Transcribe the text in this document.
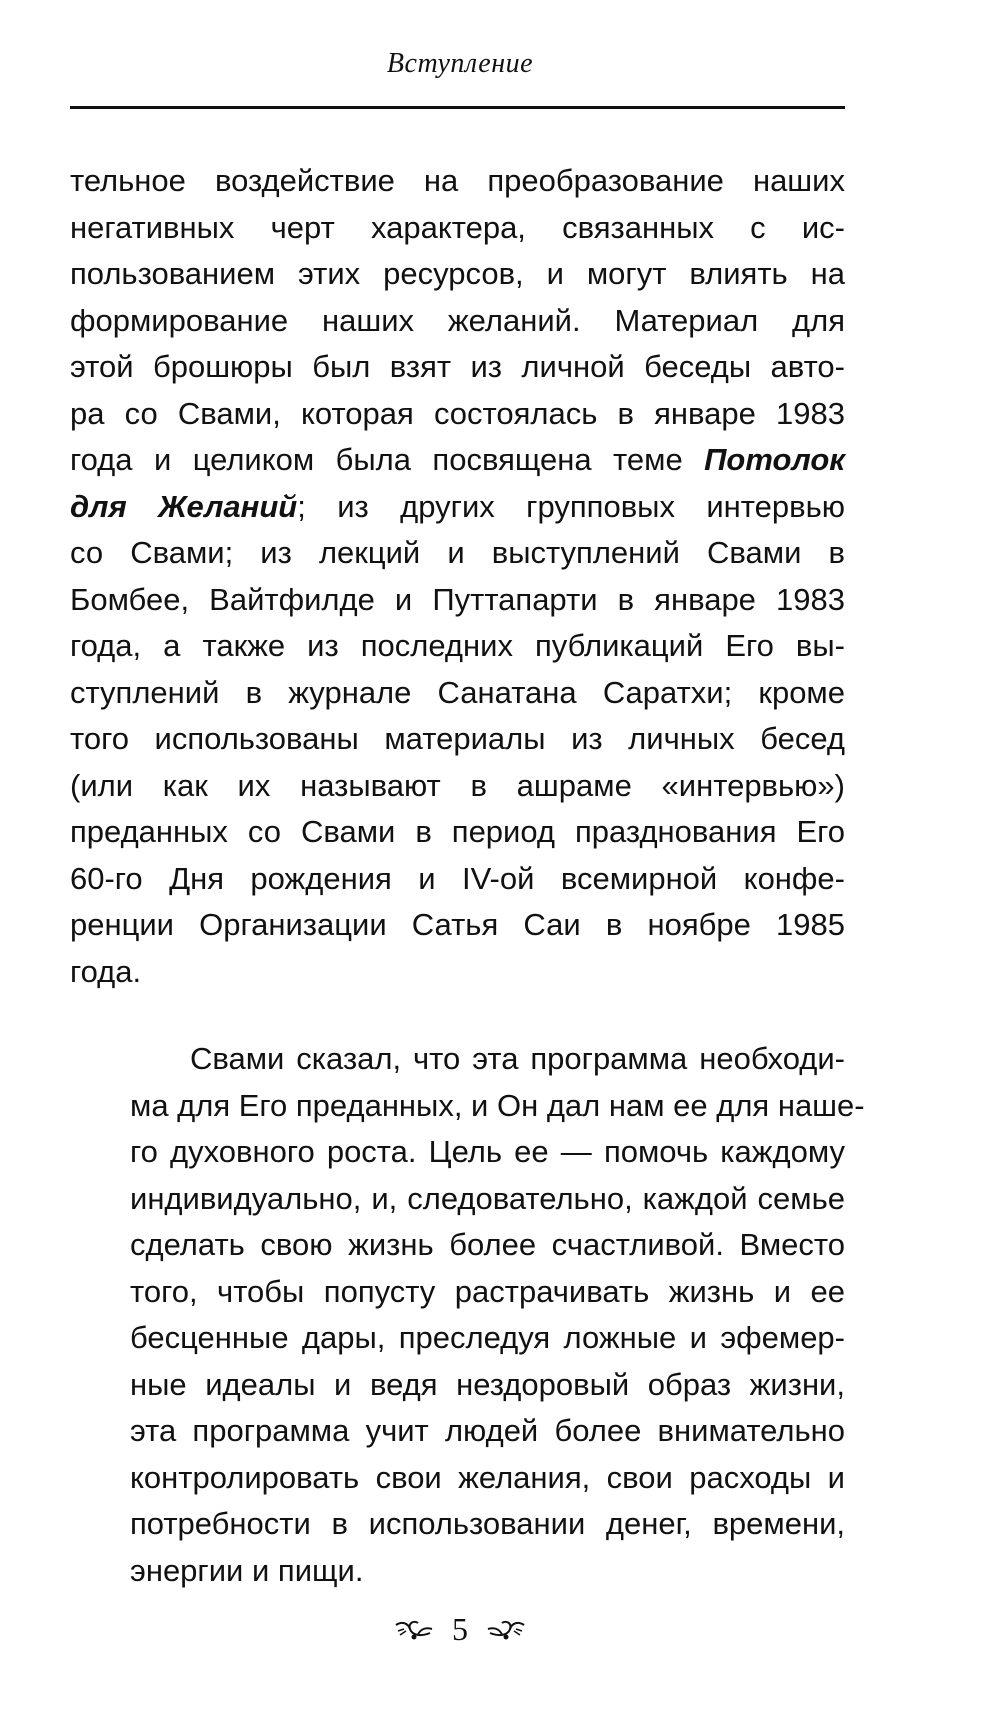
Вступление
тельное воздействие на преобразование наших
негативных черт характера, связанных с ис-
пользованием этих ресурсов, и могут влиять на
формирование наших желаний. Материал для
этой брошюры был взят из личной беседы авто-
ра со Свами, которая состоялась в январе 1983
года и целиком была посвящена теме Потолок
для Желаний; из других групповых интервью
со Свами; из лекций и выступлений Свами в
Бомбее, Вайтфилде и Путтапарти в январе 1983
года, а также из последних публикаций Его вы-
ступлений в журнале Санатана Саратхи; кроме
того использованы материалы из личных бесед
(или как их называют в ашраме «интервью»)
преданных со Свами в период празднования Его
60-го Дня рождения и IV-ой всемирной конфе-
ренции Организации Сатья Саи в ноябре 1985
года.
Свами сказал, что эта программа необходи-
ма для Его преданных, и Он дал нам ее для наше-
го духовного роста. Цель ее — помочь каждому
индивидуально, и, следовательно, каждой семье
сделать свою жизнь более счастливой. Вместо
того, чтобы попусту растрачивать жизнь и ее
бесценные дары, преследуя ложные и эфемер-
ные идеалы и ведя нездоровый образ жизни,
эта программа учит людей более внимательно
контролировать свои желания, свои расходы и
потребности в использовании денег, времени,
энергии и пищи.
5
